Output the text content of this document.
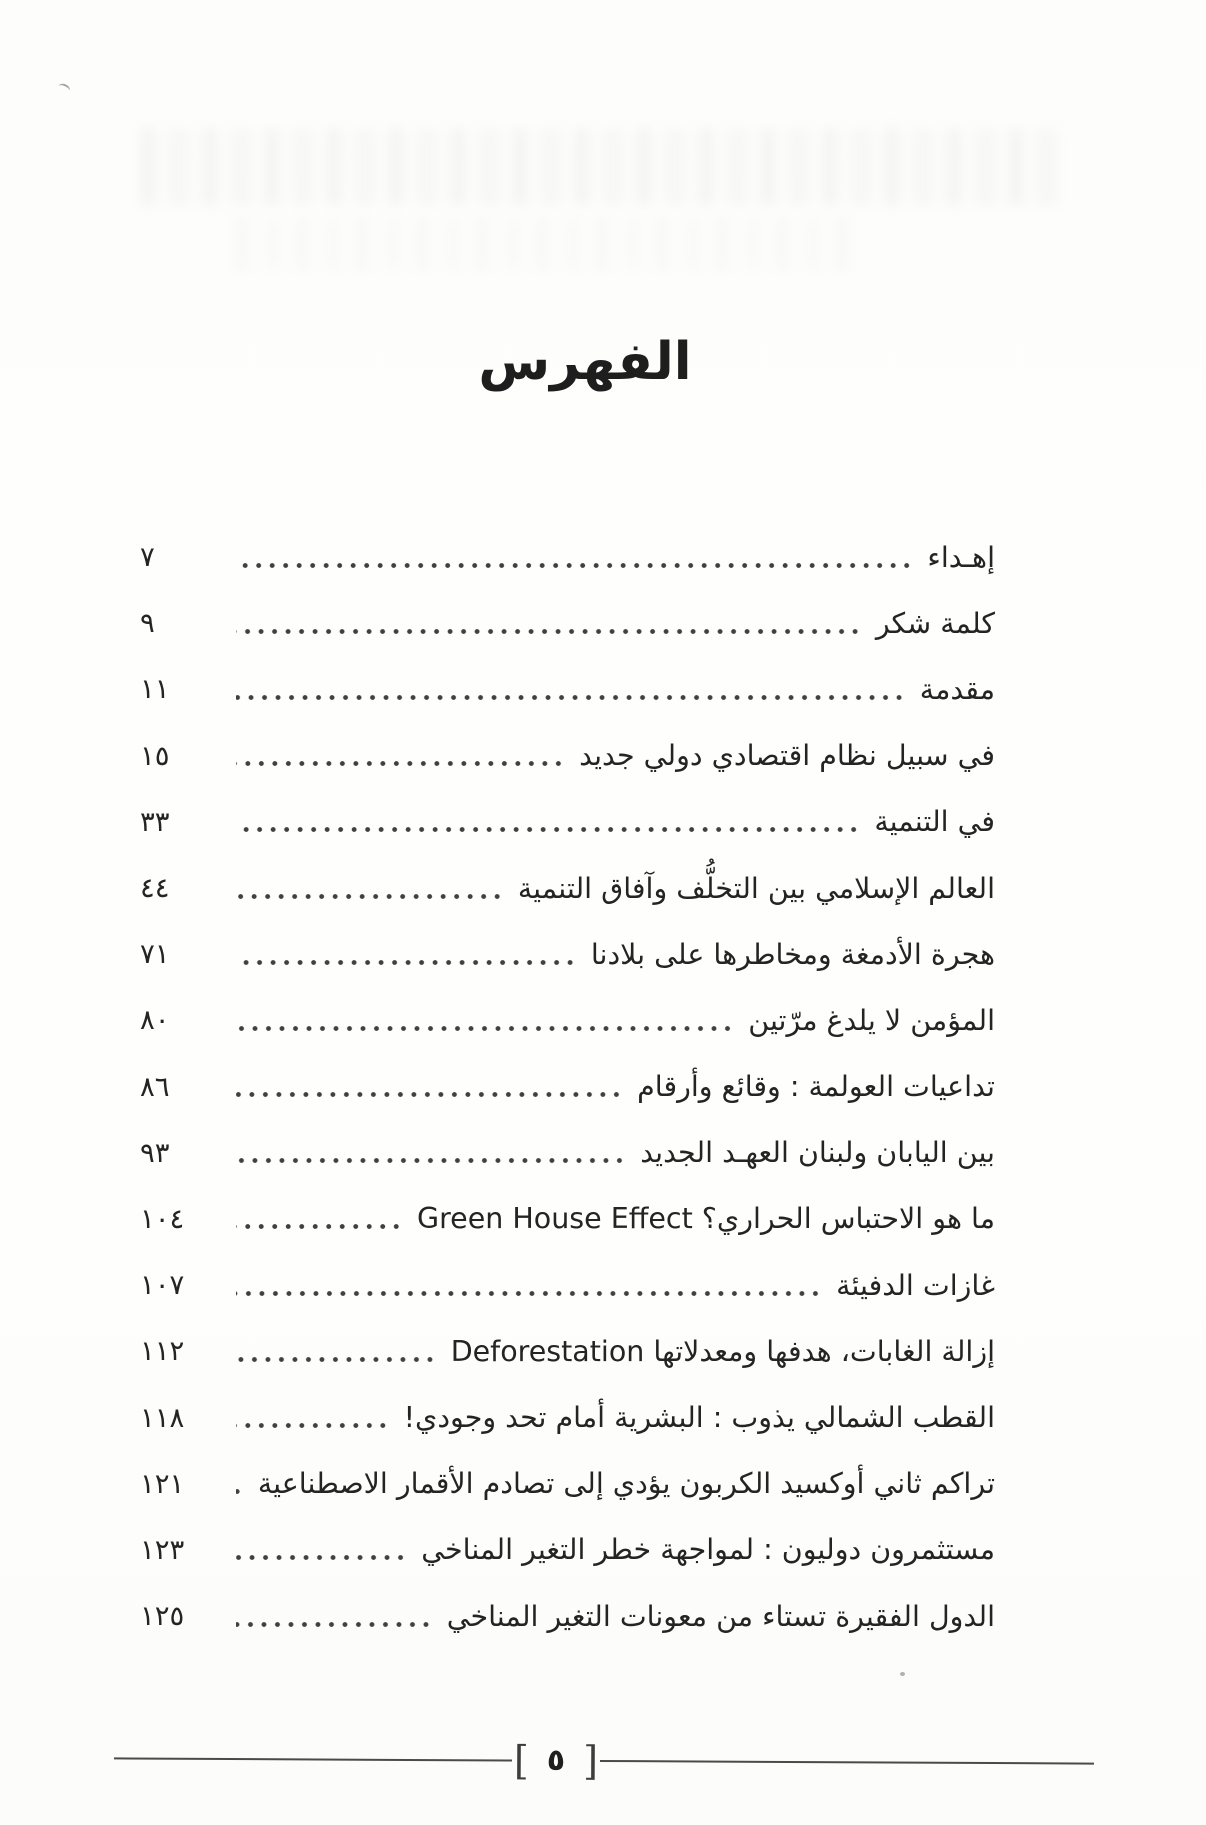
الفهرس
إهـداء
٧
كلمة شكر
٩
مقدمة
١١
في سبيل نظام اقتصادي دولي جديد
١٥
في التنمية
٣٣
العالم الإسلامي بين التخلُّف وآفاق التنمية
٤٤
هجرة الأدمغة ومخاطرها على بلادنا
٧١
المؤمن لا يلدغ مرّتين
٨٠
تداعيات العولمة : وقائع وأرقام
٨٦
بين اليابان ولبنان العهـد الجديد
٩٣
ما هو الاحتباس الحراري؟ Green House Effect
١٠٤
غازات الدفيئة
١٠٧
إزالة الغابات، هدفها ومعدلاتها Deforestation
١١٢
القطب الشمالي يذوب : البشرية أمام تحد وجودي!
١١٨
تراكم ثاني أوكسيد الكربون يؤدي إلى تصادم الأقمار الاصطناعية
١٢١
مستثمرون دوليون : لمواجهة خطر التغير المناخي
١٢٣
الدول الفقيرة تستاء من معونات التغير المناخي
١٢٥
[ ٥ ]
